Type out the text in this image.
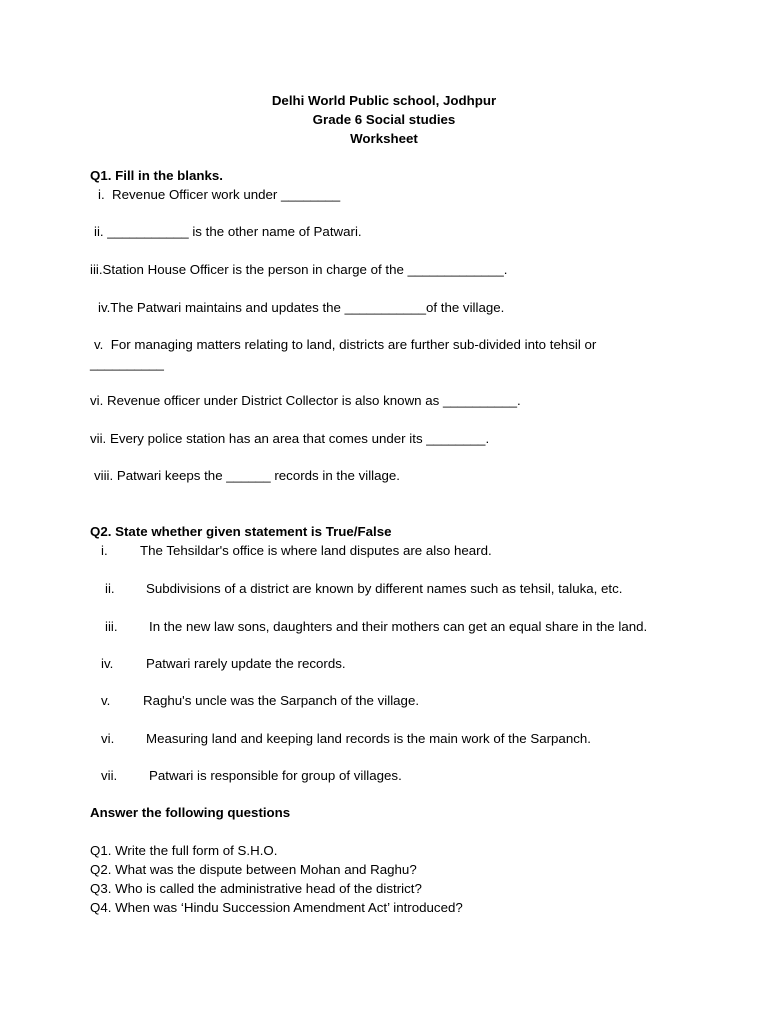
Delhi World Public school, Jodhpur
Grade 6 Social studies
Worksheet
Q1. Fill in the blanks.
i.  Revenue Officer work under ________
ii. ___________ is the other name of Patwari.
iii.Station House Officer is the person in charge of the _____________.
iv.The Patwari maintains and updates the ___________of the village.
v.  For managing matters relating to land, districts are further sub-divided into tehsil or
__________
vi. Revenue officer under District Collector is also known as __________.
vii. Every police station has an area that comes under its ________.
viii. Patwari keeps the ______ records in the village.
Q2. State whether given statement is True/False
i. The Tehsildar's office is where land disputes are also heard.
ii. Subdivisions of a district are known by different names such as tehsil, taluka, etc.
iii. In the new law sons, daughters and their mothers can get an equal share in the land.
iv. Patwari rarely update the records.
v. Raghu's uncle was the Sarpanch of the village.
vi. Measuring land and keeping land records is the main work of the Sarpanch.
vii. Patwari is responsible for group of villages.
Answer the following questions
Q1. Write the full form of S.H.O.
Q2. What was the dispute between Mohan and Raghu?
Q3. Who is called the administrative head of the district?
Q4. When was ‘Hindu Succession Amendment Act’ introduced?
